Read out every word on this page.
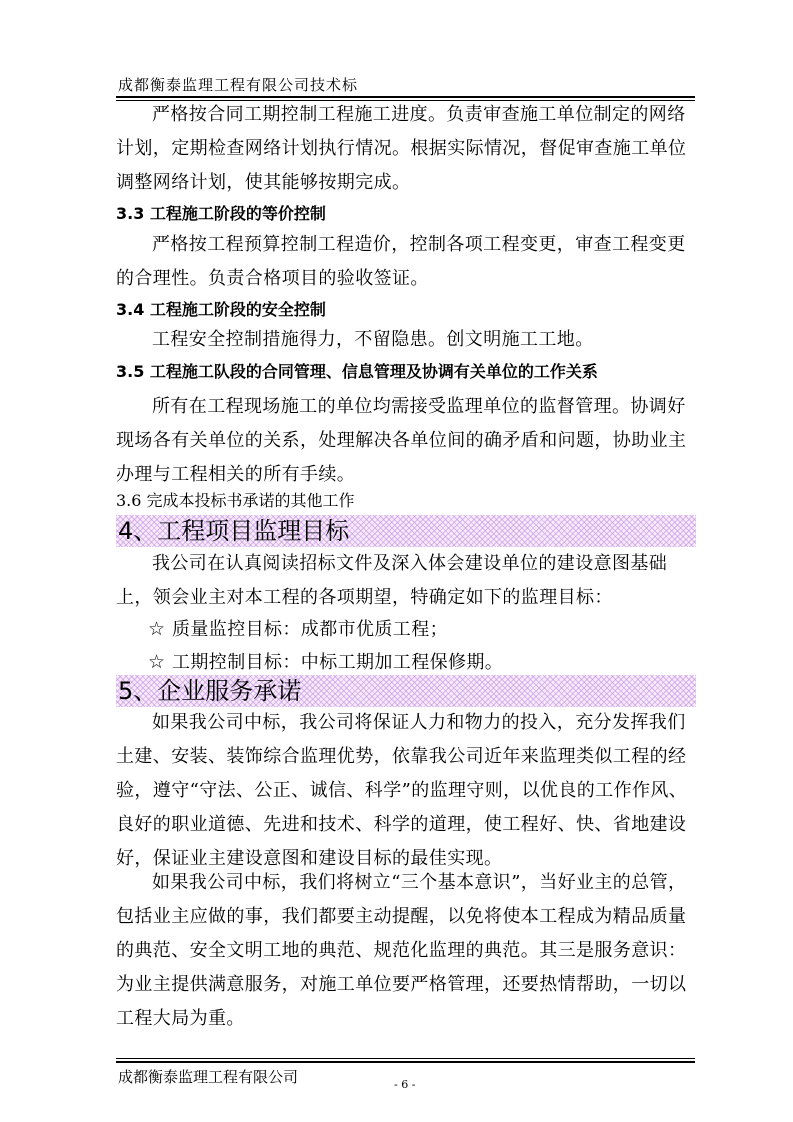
成都衡泰监理工程有限公司技术标
严格按合同工期控制工程施工进度。负责审查施工单位制定的网络
计划，定期检查网络计划执行情况。根据实际情况，督促审查施工单位
调整网络计划，使其能够按期完成。
3.3 工程施工阶段的等价控制
严格按工程预算控制工程造价，控制各项工程变更，审查工程变更
的合理性。负责合格项目的验收签证。
3.4 工程施工阶段的安全控制
工程安全控制措施得力，不留隐患。创文明施工工地。
3.5 工程施工队段的合同管理、信息管理及协调有关单位的工作关系
所有在工程现场施工的单位均需接受监理单位的监督管理。协调好
现场各有关单位的关系，处理解决各单位间的确矛盾和问题，协助业主
办理与工程相关的所有手续。
3.6 完成本投标书承诺的其他工作
4、工程项目监理目标
我公司在认真阅读招标文件及深入体会建设单位的建设意图基础
上，领会业主对本工程的各项期望，特确定如下的监理目标：
☆ 质量监控目标：成都市优质工程；
☆ 工期控制目标：中标工期加工程保修期。
5、企业服务承诺
如果我公司中标，我公司将保证人力和物力的投入，充分发挥我们
土建、安装、装饰综合监理优势，依靠我公司近年来监理类似工程的经
验，遵守“守法、公正、诚信、科学”的监理守则，以优良的工作作风、
良好的职业道德、先进和技术、科学的道理，使工程好、快、省地建设
好，保证业主建设意图和建设目标的最佳实现。
如果我公司中标，我们将树立“三个基本意识”，当好业主的总管，
包括业主应做的事，我们都要主动提醒，以免将使本工程成为精品质量
的典范、安全文明工地的典范、规范化监理的典范。其三是服务意识：
为业主提供满意服务，对施工单位要严格管理，还要热情帮助，一切以
工程大局为重。
成都衡泰监理工程有限公司	- 6 -
